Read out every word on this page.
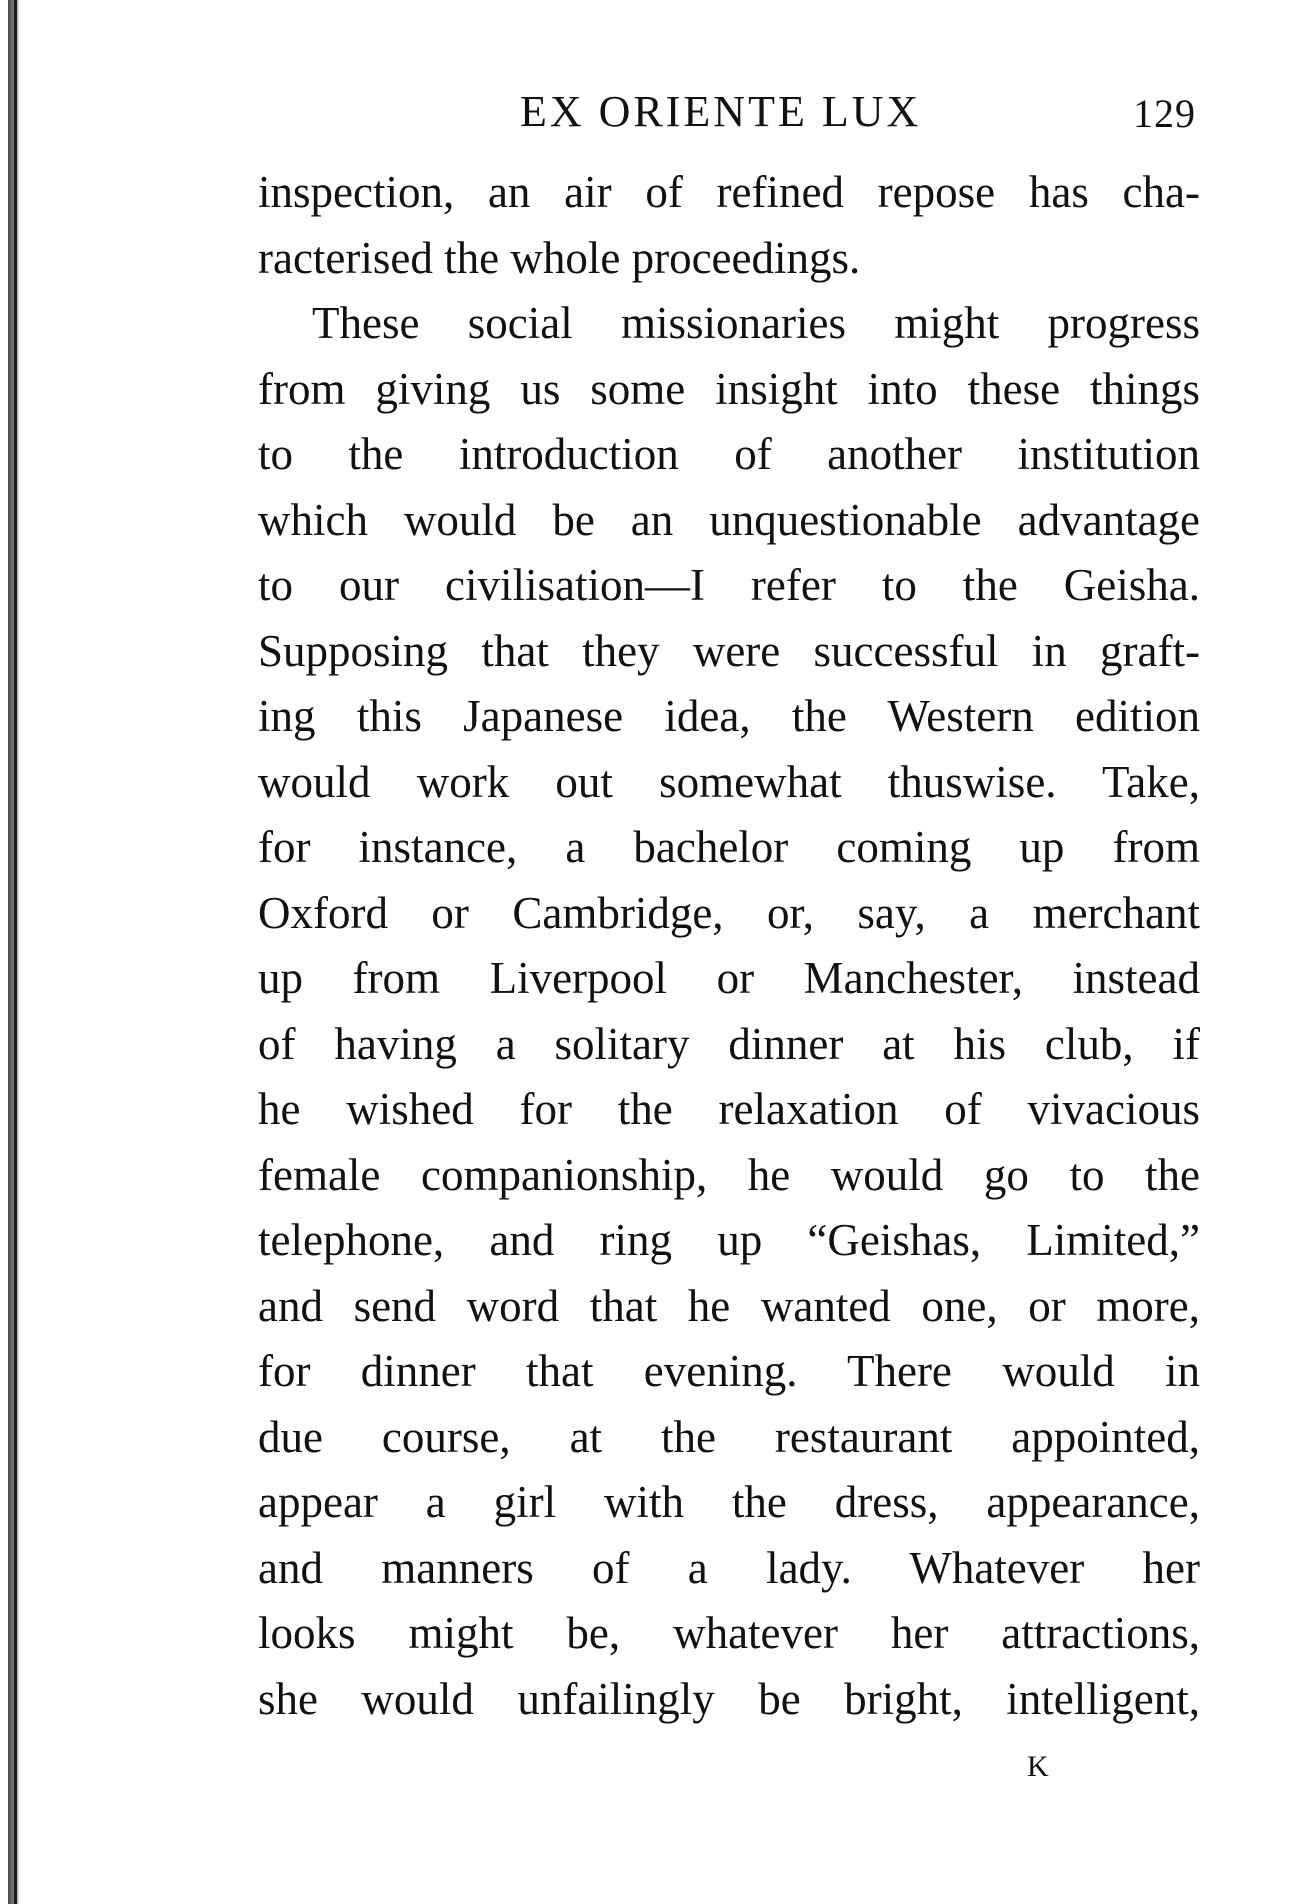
EX ORIENTE LUX	129
inspection, an air of refined repose has cha-
racterised the whole proceedings.
These social missionaries might progress
from giving us some insight into these things
to the introduction of another institution
which would be an unquestionable advantage
to our civilisation—I refer to the Geisha.
Supposing that they were successful in graft-
ing this Japanese idea, the Western edition
would work out somewhat thuswise. Take,
for instance, a bachelor coming up from
Oxford or Cambridge, or, say, a merchant
up from Liverpool or Manchester, instead
of having a solitary dinner at his club, if
he wished for the relaxation of vivacious
female companionship, he would go to the
telephone, and ring up “Geishas, Limited,”
and send word that he wanted one, or more,
for dinner that evening. There would in
due course, at the restaurant appointed,
appear a girl with the dress, appearance,
and manners of a lady. Whatever her
looks might be, whatever her attractions,
she would unfailingly be bright, intelligent,
K
